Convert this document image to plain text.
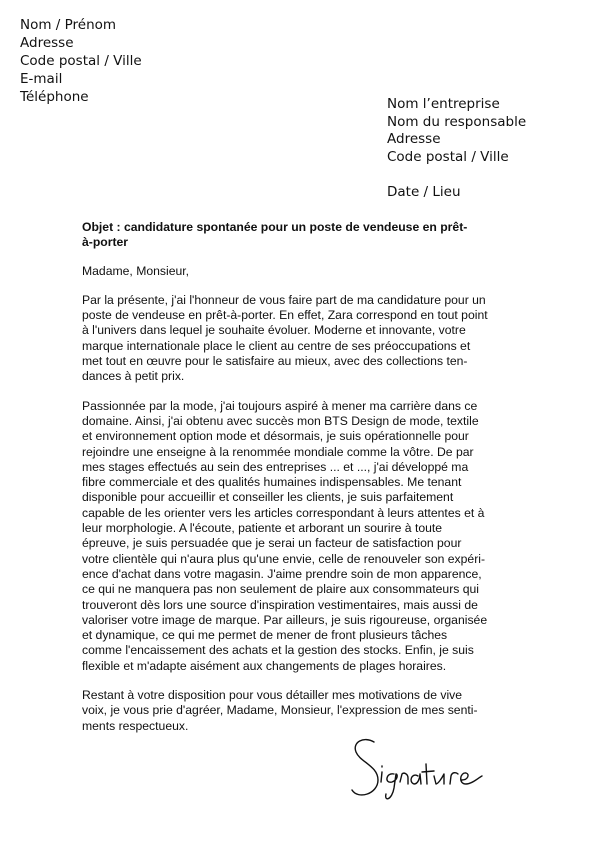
Nom / Prénom
Adresse
Code postal / Ville
E-mail
Téléphone	Nom l’entreprise
Nom du responsable
Adresse
Code postal / Ville
Date / Lieu
Objet : candidature spontanée pour un poste de vendeuse en prêt-
à-porter
Madame, Monsieur,
Par la présente, j'ai l'honneur de vous faire part de ma candidature pour un
poste de vendeuse en prêt-à-porter. En effet, Zara correspond en tout point
à l'univers dans lequel je souhaite évoluer. Moderne et innovante, votre
marque internationale place le client au centre de ses préoccupations et
met tout en œuvre pour le satisfaire au mieux, avec des collections ten-
dances à petit prix.
Passionnée par la mode, j'ai toujours aspiré à mener ma carrière dans ce
domaine. Ainsi, j'ai obtenu avec succès mon BTS Design de mode, textile
et environnement option mode et désormais, je suis opérationnelle pour
rejoindre une enseigne à la renommée mondiale comme la vôtre. De par
mes stages effectués au sein des entreprises ... et ..., j'ai développé ma
fibre commerciale et des qualités humaines indispensables. Me tenant
disponible pour accueillir et conseiller les clients, je suis parfaitement
capable de les orienter vers les articles correspondant à leurs attentes et à
leur morphologie. A l'écoute, patiente et arborant un sourire à toute
épreuve, je suis persuadée que je serai un facteur de satisfaction pour
votre clientèle qui n'aura plus qu'une envie, celle de renouveler son expéri-
ence d'achat dans votre magasin. J'aime prendre soin de mon apparence,
ce qui ne manquera pas non seulement de plaire aux consommateurs qui
trouveront dès lors une source d'inspiration vestimentaires, mais aussi de
valoriser votre image de marque. Par ailleurs, je suis rigoureuse, organisée
et dynamique, ce qui me permet de mener de front plusieurs tâches
comme l'encaissement des achats et la gestion des stocks. Enfin, je suis
flexible et m'adapte aisément aux changements de plages horaires.
Restant à votre disposition pour vous détailler mes motivations de vive
voix, je vous prie d'agréer, Madame, Monsieur, l'expression de mes senti-
ments respectueux.
